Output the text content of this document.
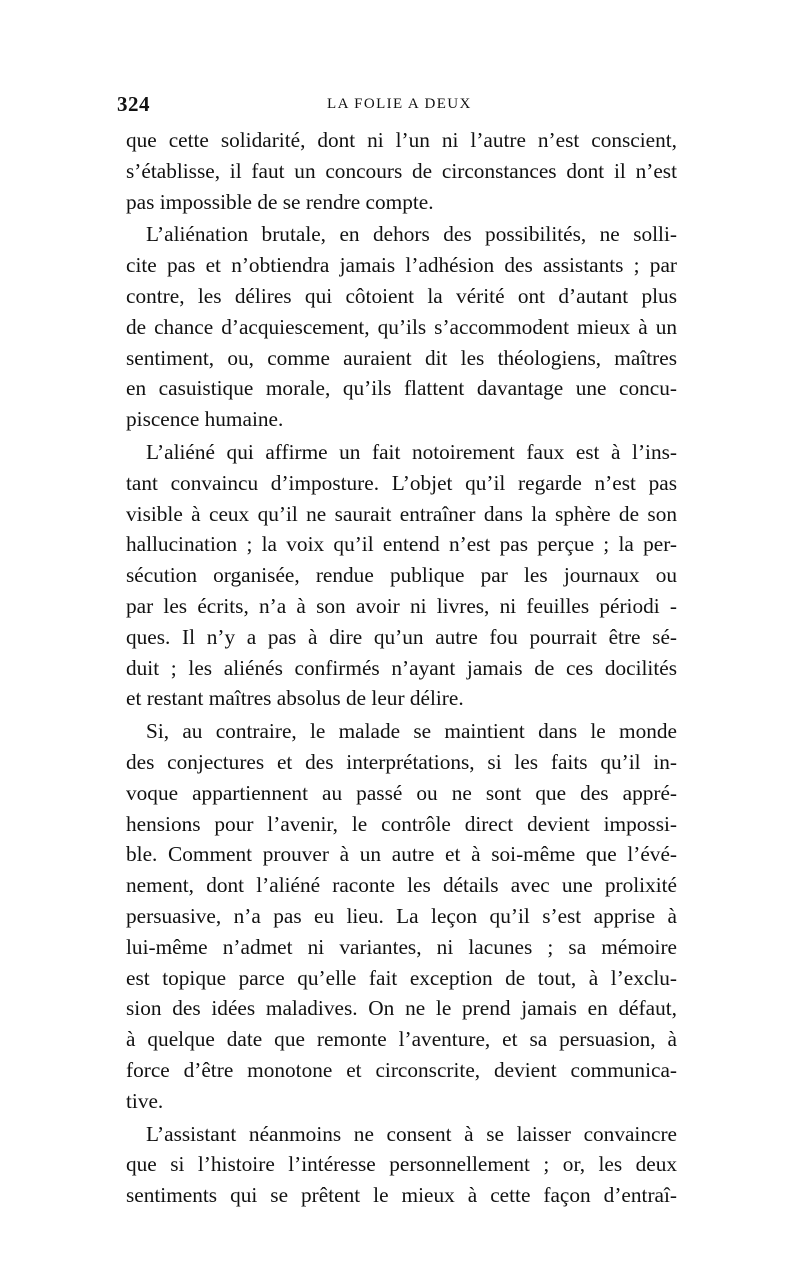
324	LA FOLIE A DEUX
que cette solidarité, dont ni l’un ni l’autre n’est conscient,
s’établisse, il faut un concours de circonstances dont il n’est
pas impossible de se rendre compte.
L’aliénation brutale, en dehors des possibilités, ne solli-
cite pas et n’obtiendra jamais l’adhésion des assistants ; par
contre, les délires qui côtoient la vérité ont d’autant plus
de chance d’acquiescement, qu’ils s’accommodent mieux à un
sentiment, ou, comme auraient dit les théologiens, maîtres
en casuistique morale, qu’ils flattent davantage une concu-
piscence humaine.
L’aliéné qui affirme un fait notoirement faux est à l’ins-
tant convaincu d’imposture. L’objet qu’il regarde n’est pas
visible à ceux qu’il ne saurait entraîner dans la sphère de son
hallucination ; la voix qu’il entend n’est pas perçue ; la per-
sécution organisée, rendue publique par les journaux ou
par les écrits, n’a à son avoir ni livres, ni feuilles périodi -
ques. Il n’y a pas à dire qu’un autre fou pourrait être sé-
duit ; les aliénés confirmés n’ayant jamais de ces docilités
et restant maîtres absolus de leur délire.
Si, au contraire, le malade se maintient dans le monde
des conjectures et des interprétations, si les faits qu’il in-
voque appartiennent au passé ou ne sont que des appré-
hensions pour l’avenir, le contrôle direct devient impossi-
ble. Comment prouver à un autre et à soi-même que l’évé-
nement, dont l’aliéné raconte les détails avec une prolixité
persuasive, n’a pas eu lieu. La leçon qu’il s’est apprise à
lui-même n’admet ni variantes, ni lacunes ; sa mémoire
est topique parce qu’elle fait exception de tout, à l’exclu-
sion des idées maladives. On ne le prend jamais en défaut,
à quelque date que remonte l’aventure, et sa persuasion, à
force d’être monotone et circonscrite, devient communica-
tive.
L’assistant néanmoins ne consent à se laisser convaincre
que si l’histoire l’intéresse personnellement ; or, les deux
sentiments qui se prêtent le mieux à cette façon d’entraî-
